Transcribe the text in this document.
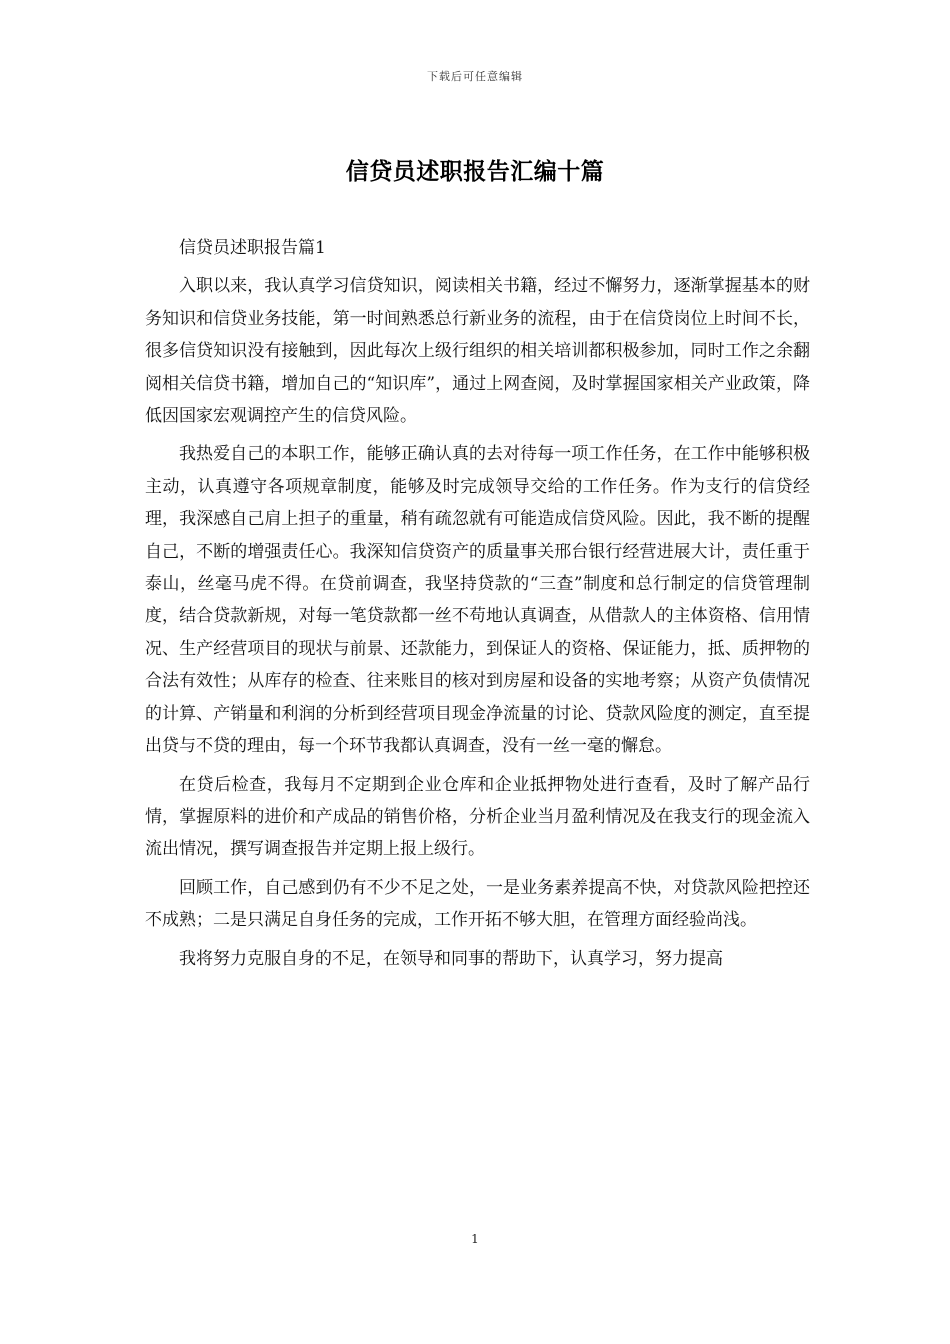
下载后可任意编辑
信贷员述职报告汇编十篇

信贷员述职报告篇1

入职以来，我认真学习信贷知识，阅读相关书籍，经过不懈努力，逐渐掌握基本的财务知识和信贷业务技能，第一时间熟悉总行新业务的流程，由于在信贷岗位上时间不长，很多信贷知识没有接触到，因此每次上级行组织的相关培训都积极参加，同时工作之余翻阅相关信贷书籍，增加自己的“知识库”，通过上网查阅，及时掌握国家相关产业政策，降低因国家宏观调控产生的信贷风险。

我热爱自己的本职工作，能够正确认真的去对待每一项工作任务，在工作中能够积极主动，认真遵守各项规章制度，能够及时完成领导交给的工作任务。作为支行的信贷经理，我深感自己肩上担子的重量，稍有疏忽就有可能造成信贷风险。因此，我不断的提醒自己，不断的增强责任心。我深知信贷资产的质量事关邢台银行经营进展大计，责任重于泰山，丝毫马虎不得。在贷前调查，我坚持贷款的“三查”制度和总行制定的信贷管理制度，结合贷款新规，对每一笔贷款都一丝不苟地认真调查，从借款人的主体资格、信用情况、生产经营项目的现状与前景、还款能力，到保证人的资格、保证能力，抵、质押物的合法有效性；从库存的检查、往来账目的核对到房屋和设备的实地考察；从资产负债情况的计算、产销量和利润的分析到经营项目现金净流量的讨论、贷款风险度的测定，直至提出贷与不贷的理由，每一个环节我都认真调查，没有一丝一毫的懈怠。

在贷后检查，我每月不定期到企业仓库和企业抵押物处进行查看，及时了解产品行情，掌握原料的进价和产成品的销售价格，分析企业当月盈利情况及在我支行的现金流入流出情况，撰写调查报告并定期上报上级行。

回顾工作，自己感到仍有不少不足之处，一是业务素养提高不快，对贷款风险把控还不成熟；二是只满足自身任务的完成，工作开拓不够大胆，在管理方面经验尚浅。

我将努力克服自身的不足，在领导和同事的帮助下，认真学习，努力提高

1
